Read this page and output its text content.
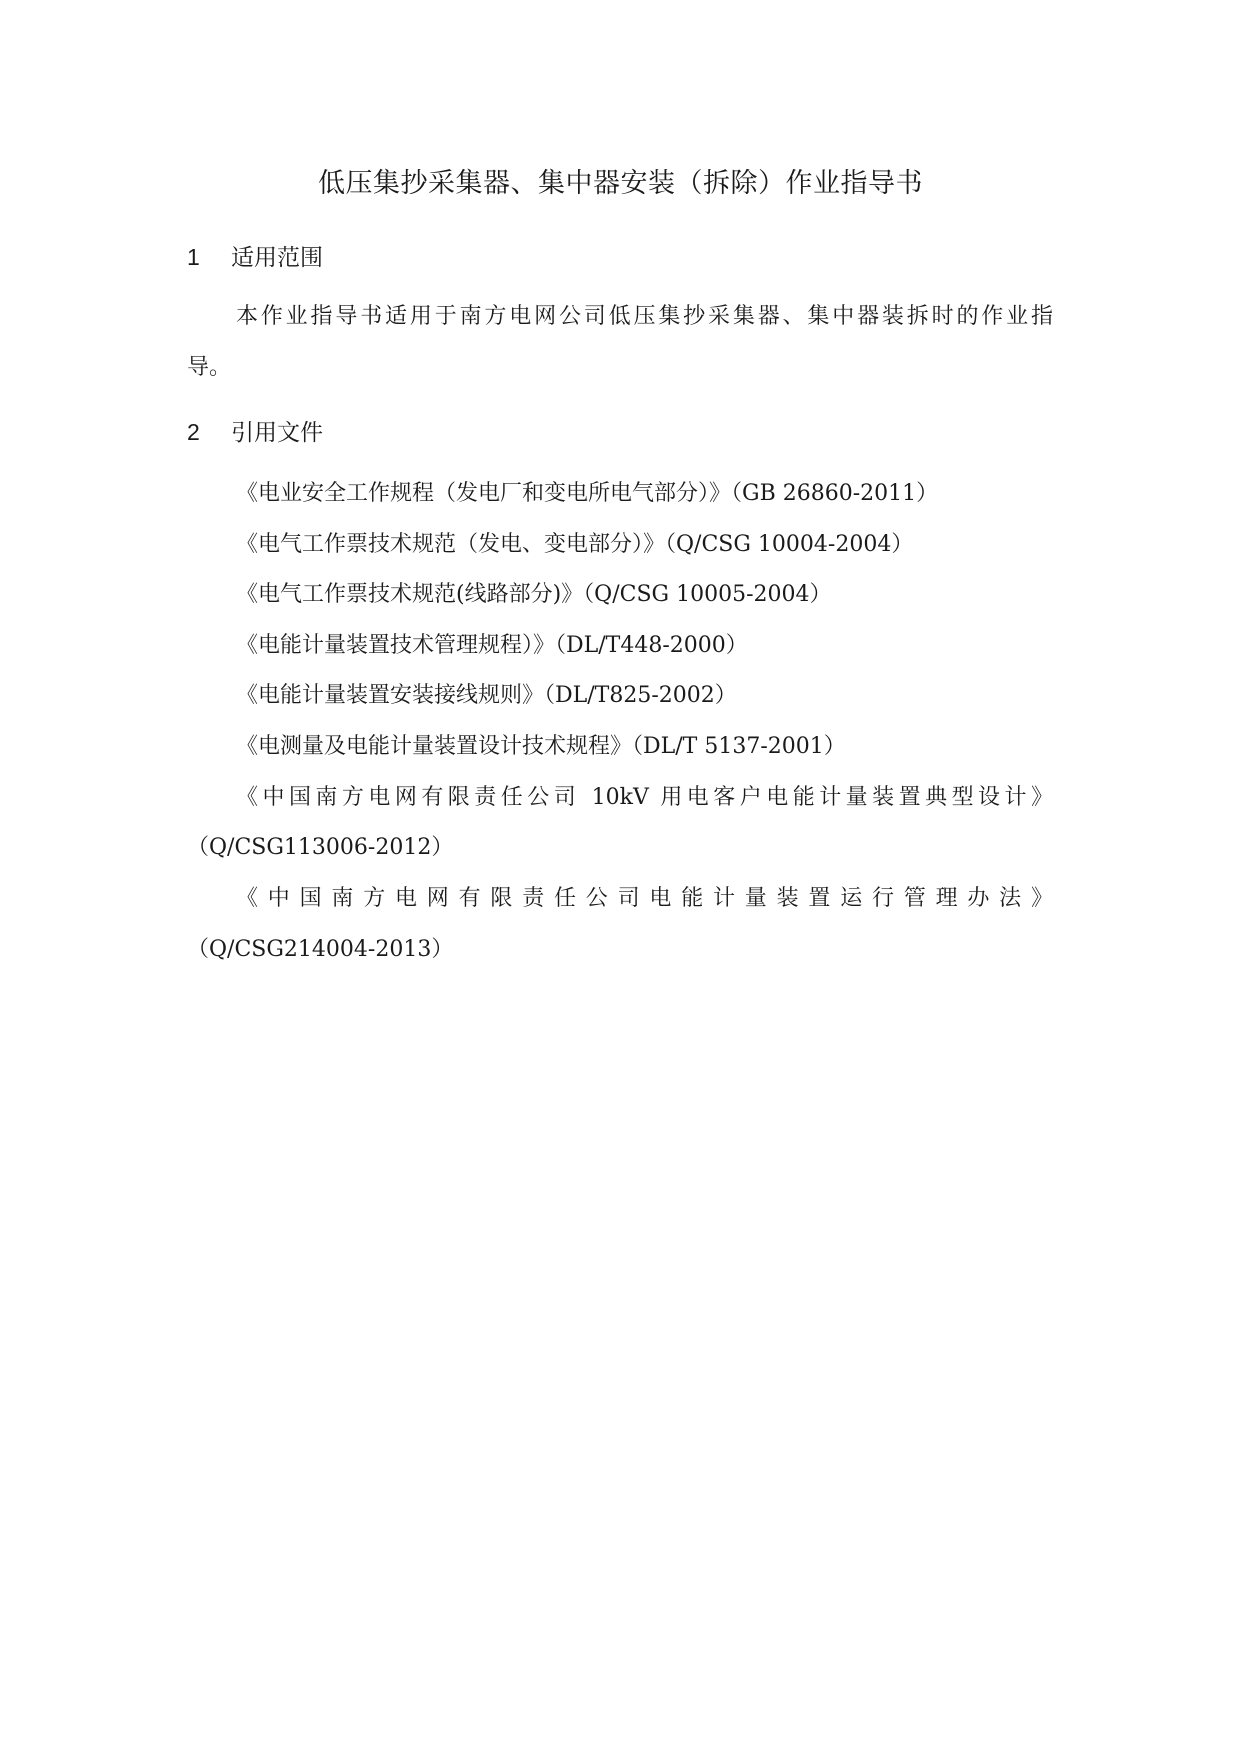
低压集抄采集器、集中器安装（拆除）作业指导书
1 适用范围
本作业指导书适用于南方电网公司低压集抄采集器、集中器装拆时的作业指
导。
2 引用文件
《电业安全工作规程（发电厂和变电所电气部分）》（GB 26860-2011）
《电气工作票技术规范（发电、变电部分）》（Q/CSG 10004-2004）
《电气工作票技术规范(线路部分)》（Q/CSG 10005-2004）
《电能计量装置技术管理规程）》（DL/T448-2000）
《电能计量装置安装接线规则》（DL/T825-2002）
《电测量及电能计量装置设计技术规程》（DL/T 5137-2001）
《中国南方电网有限责任公司 10kV 用电客户电能计量装置典型设计》
（Q/CSG113006-2012）
《中国南方电网有限责任公司电能计量装置运行管理办法》
（Q/CSG214004-2013）
